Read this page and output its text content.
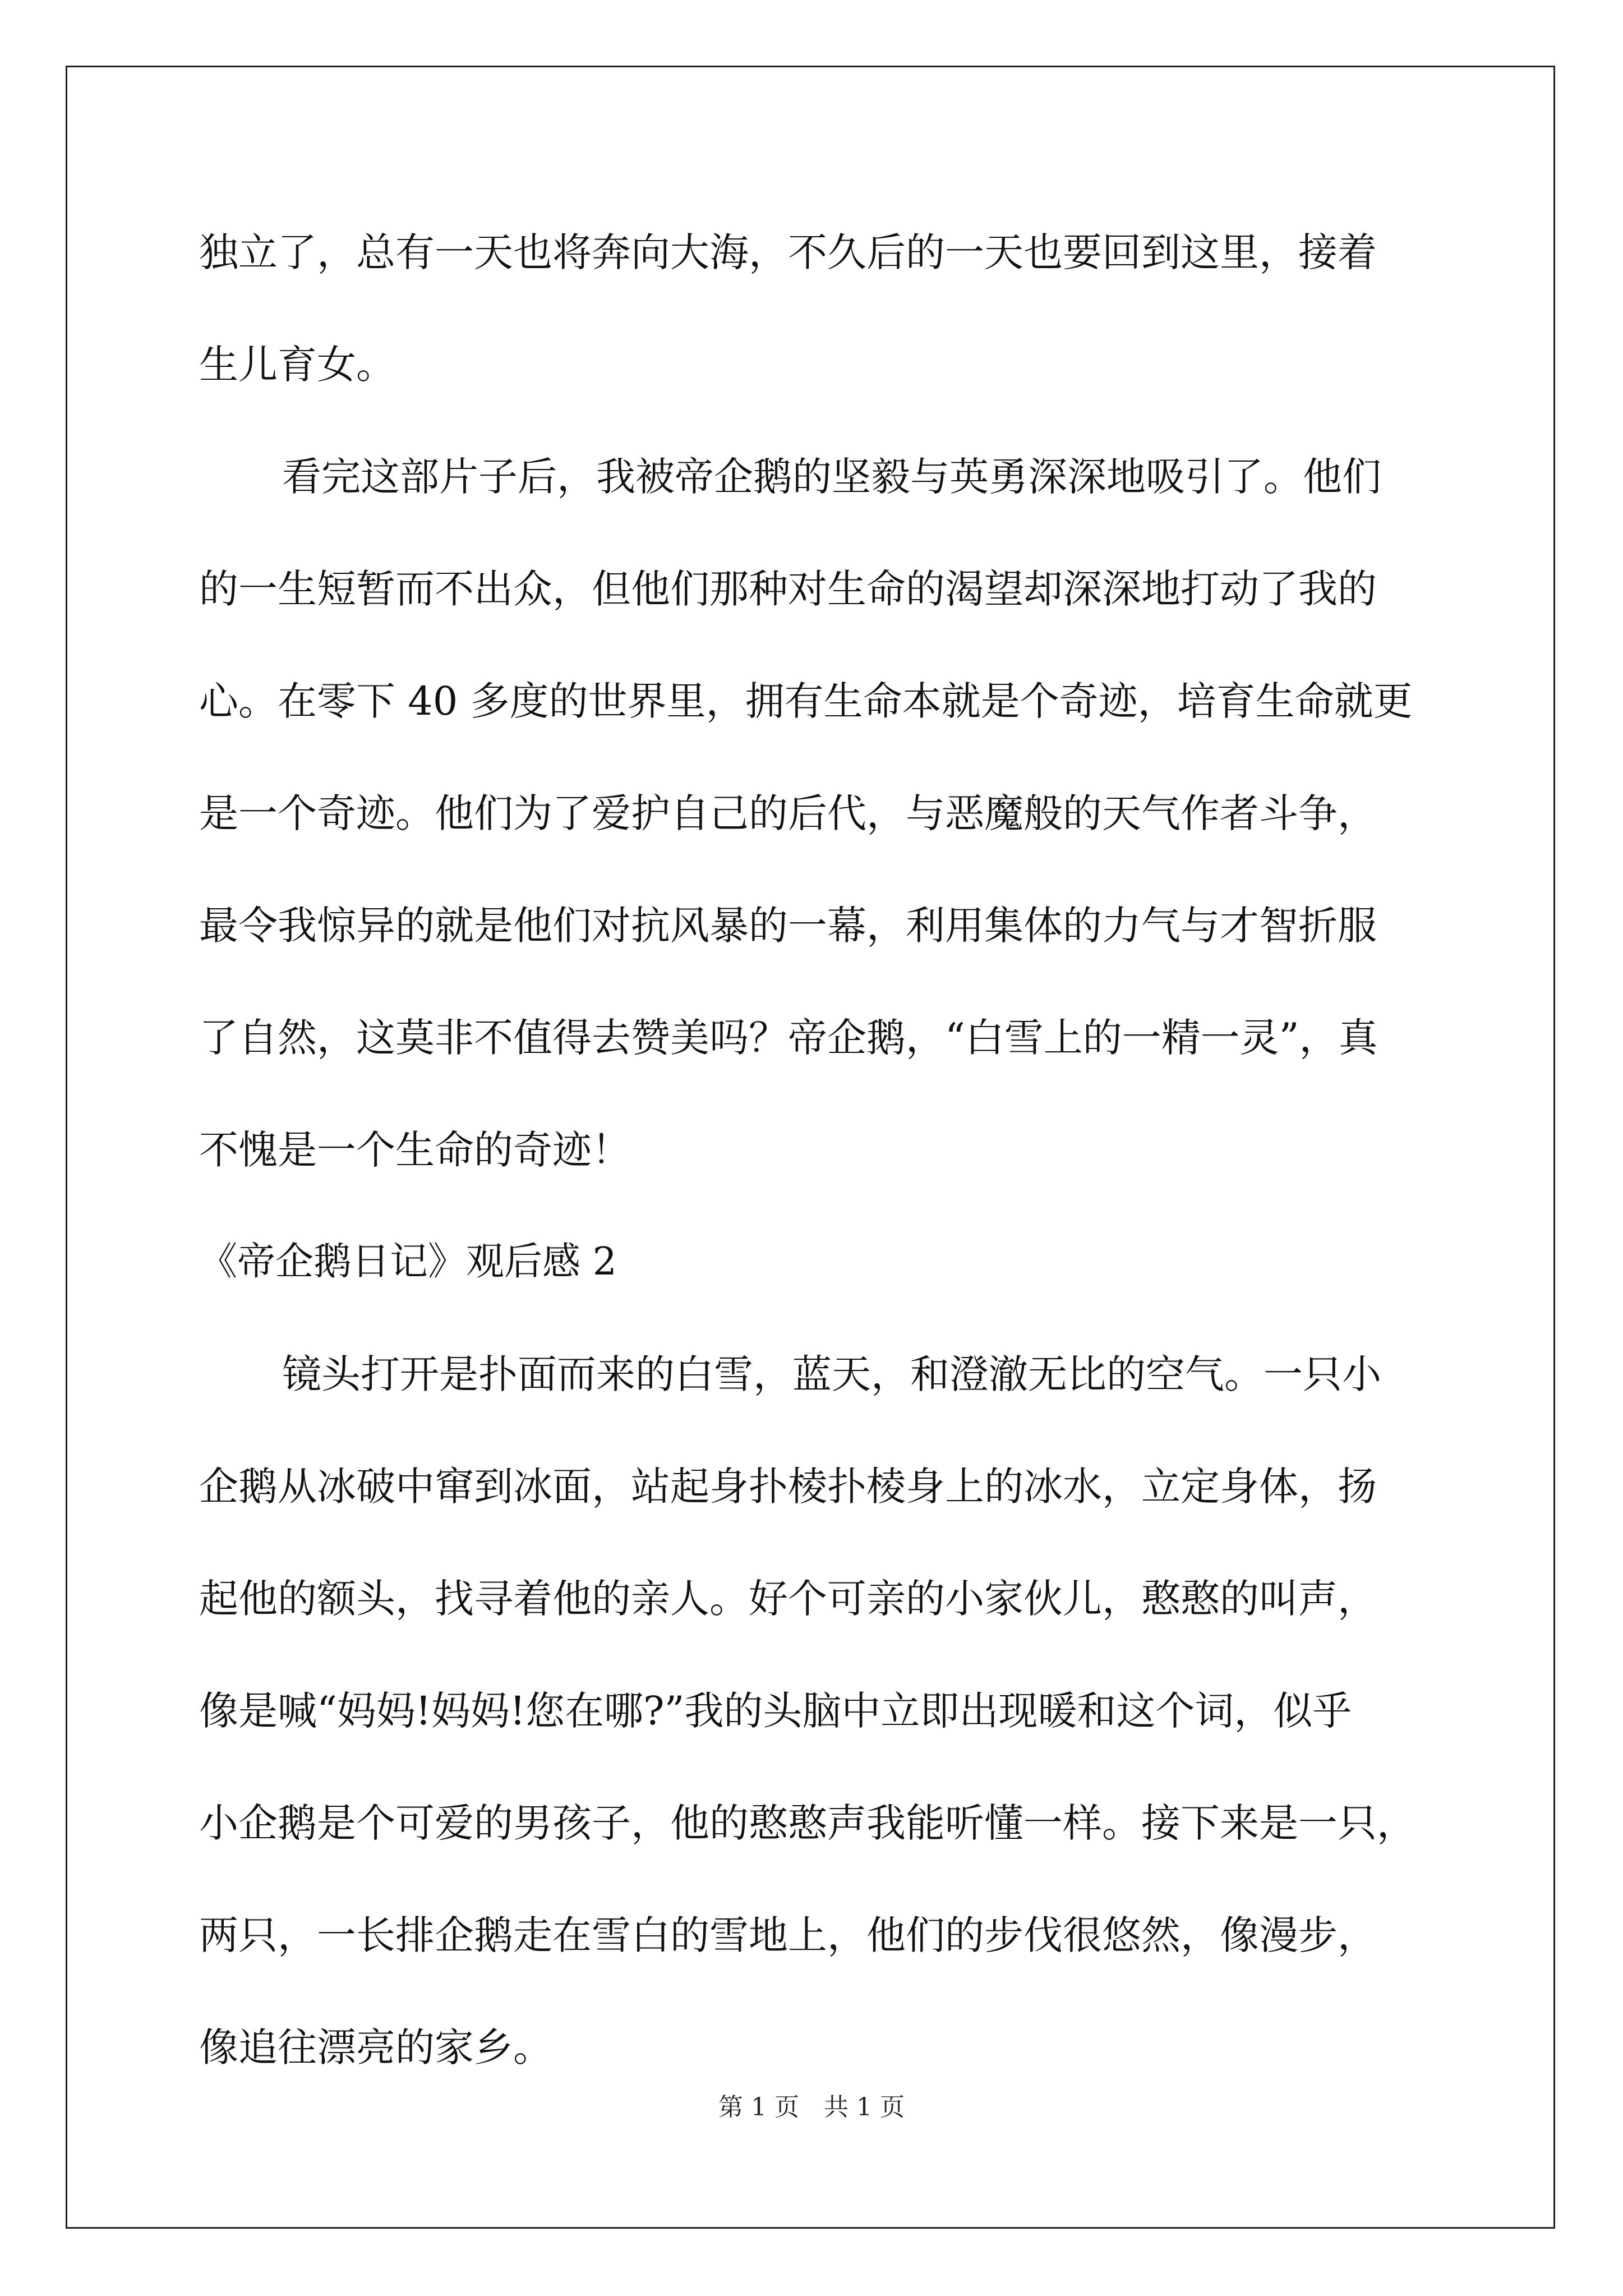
独立了，总有一天也将奔向大海，不久后的一天也要回到这里，接着
生儿育女。
看完这部片子后，我被帝企鹅的坚毅与英勇深深地吸引了。他们
的一生短暂而不出众，但他们那种对生命的渴望却深深地打动了我的
心。在零下 40 多度的世界里，拥有生命本就是个奇迹，培育生命就更
是一个奇迹。他们为了爱护自己的后代，与恶魔般的天气作者斗争，
最令我惊异的就是他们对抗风暴的一幕，利用集体的力气与才智折服
了自然，这莫非不值得去赞美吗？帝企鹅，“白雪上的一精一灵”，真
不愧是一个生命的奇迹！
《帝企鹅日记》观后感 2
镜头打开是扑面而来的白雪，蓝天，和澄澈无比的空气。一只小
企鹅从冰破中窜到冰面，站起身扑棱扑棱身上的冰水，立定身体，扬
起他的额头，找寻着他的亲人。好个可亲的小家伙儿，憨憨的叫声，
像是喊“妈妈!妈妈!您在哪?”我的头脑中立即出现暖和这个词，似乎
小企鹅是个可爱的男孩子，他的憨憨声我能听懂一样。接下来是一只，
两只，一长排企鹅走在雪白的雪地上，他们的步伐很悠然，像漫步，
像追往漂亮的家乡。
第 1 页　共 1 页
